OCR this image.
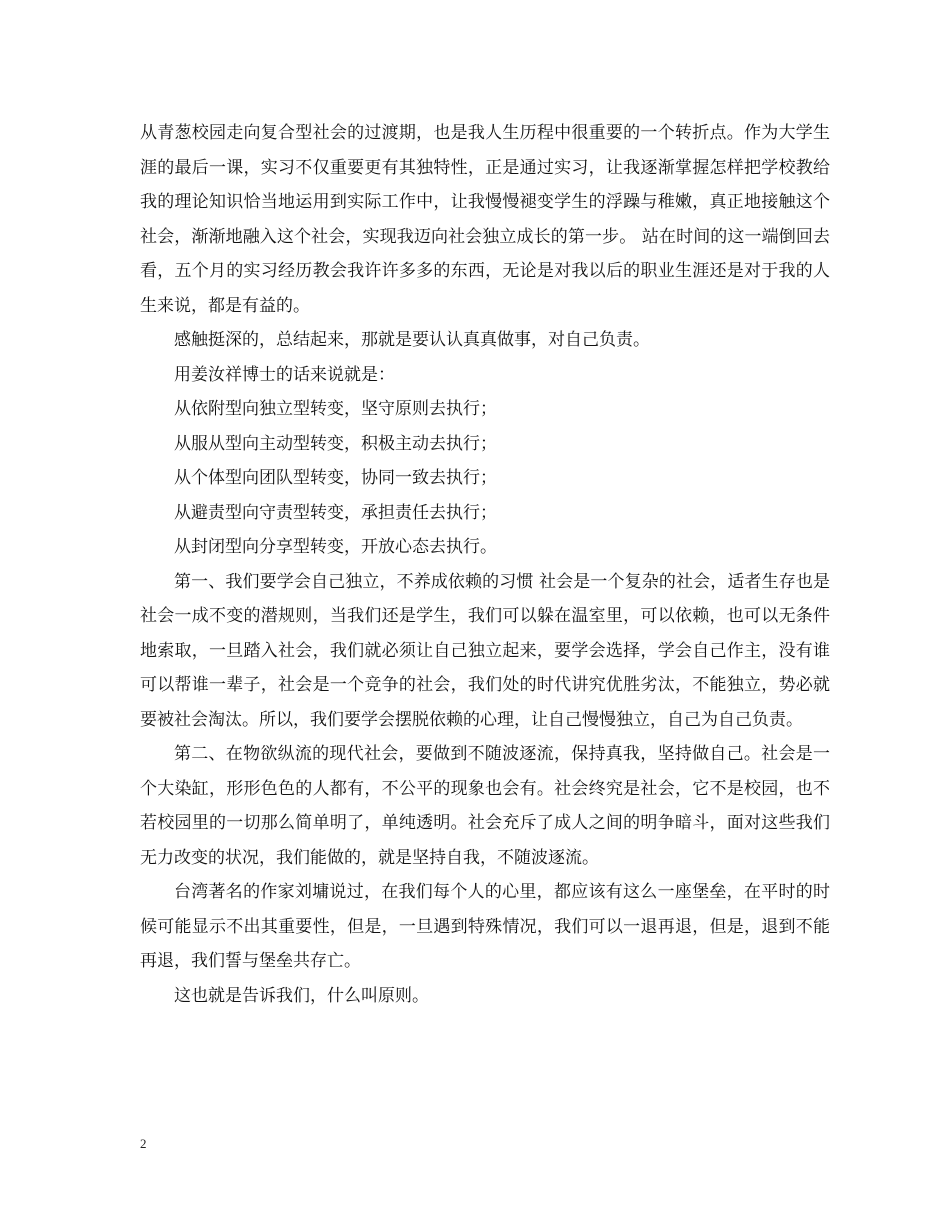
从青葱校园走向复合型社会的过渡期，也是我人生历程中很重要的一个转折点。作为大学生涯的最后一课，实习不仅重要更有其独特性，正是通过实习，让我逐渐掌握怎样把学校教给我的理论知识恰当地运用到实际工作中，让我慢慢褪变学生的浮躁与稚嫩，真正地接触这个社会，渐渐地融入这个社会，实现我迈向社会独立成长的第一步。 站在时间的这一端倒回去看，五个月的实习经历教会我许许多多的东西，无论是对我以后的职业生涯还是对于我的人生来说，都是有益的。

感触挺深的，总结起来，那就是要认认真真做事，对自己负责。

用姜汝祥博士的话来说就是：

从依附型向独立型转变，坚守原则去执行；

从服从型向主动型转变，积极主动去执行；

从个体型向团队型转变，协同一致去执行；

从避责型向守责型转变，承担责任去执行；

从封闭型向分享型转变，开放心态去执行。

第一、我们要学会自己独立，不养成依赖的习惯 社会是一个复杂的社会，适者生存也是社会一成不变的潜规则，当我们还是学生，我们可以躲在温室里，可以依赖，也可以无条件地索取，一旦踏入社会，我们就必须让自己独立起来，要学会选择，学会自己作主，没有谁可以帮谁一辈子，社会是一个竞争的社会，我们处的时代讲究优胜劣汰，不能独立，势必就要被社会淘汰。所以，我们要学会摆脱依赖的心理，让自己慢慢独立，自己为自己负责。

第二、在物欲纵流的现代社会，要做到不随波逐流，保持真我，坚持做自己。社会是一个大染缸，形形色色的人都有，不公平的现象也会有。社会终究是社会，它不是校园，也不若校园里的一切那么简单明了，单纯透明。社会充斥了成人之间的明争暗斗，面对这些我们无力改变的状况，我们能做的，就是坚持自我，不随波逐流。

台湾著名的作家刘墉说过，在我们每个人的心里，都应该有这么一座堡垒，在平时的时候可能显示不出其重要性，但是，一旦遇到特殊情况，我们可以一退再退，但是，退到不能再退，我们誓与堡垒共存亡。

这也就是告诉我们，什么叫原则。

2
